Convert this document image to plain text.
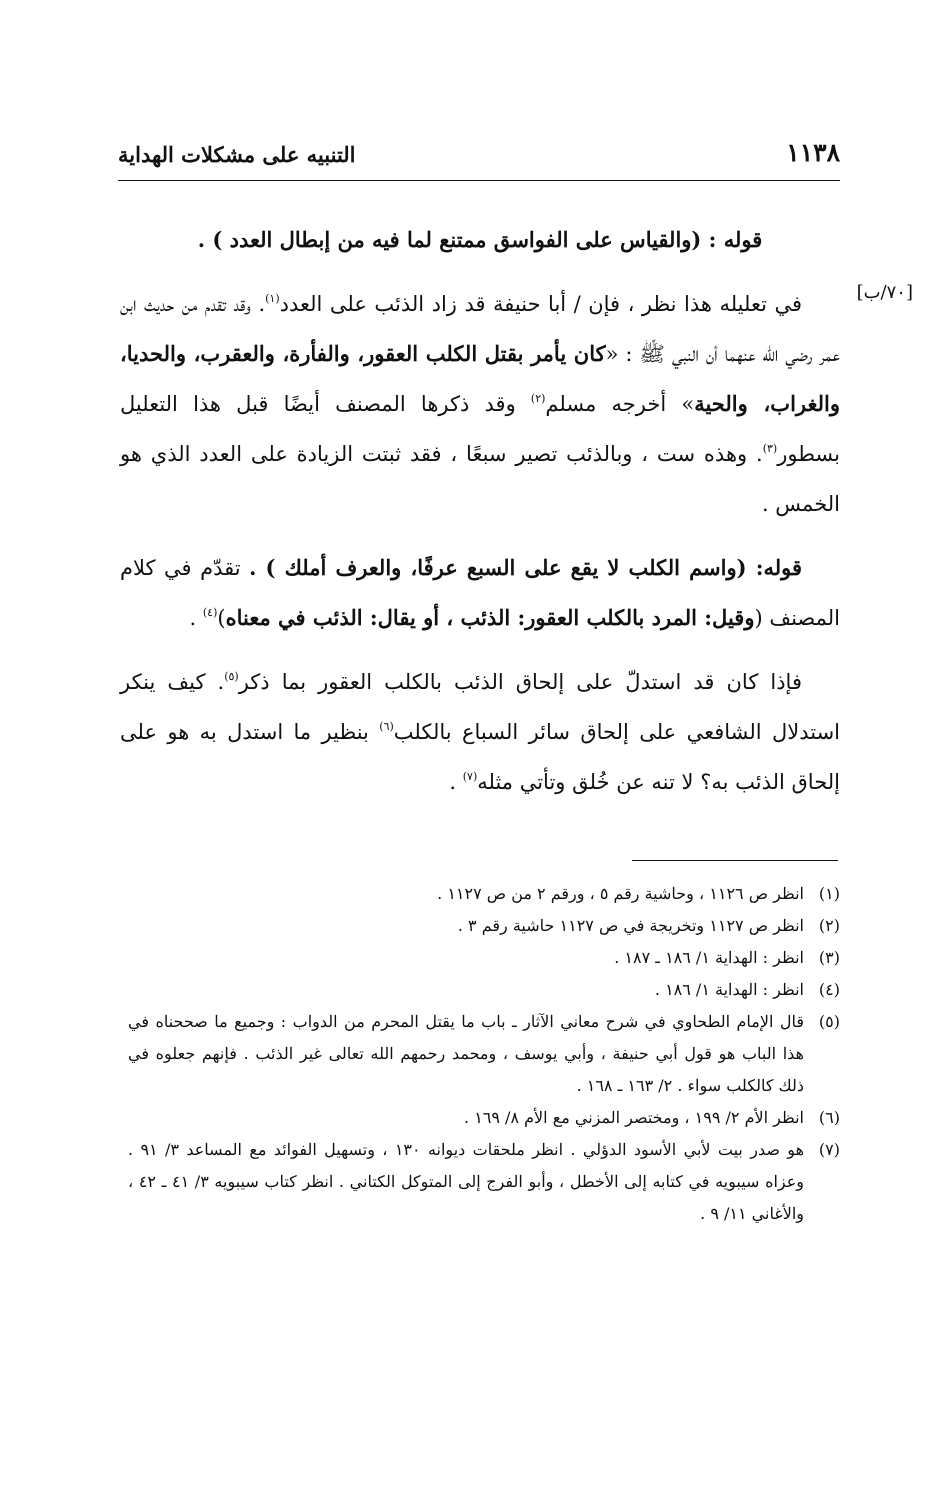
التنبيه على مشكلات الهداية	١١٣٨
[٧٠/ب]

قوله : (والقياس على الفواسق ممتنع لما فيه من إبطال العدد ) .

في تعليله هذا نظر ، فإن / أبا حنيفة قد زاد الذئب على العدد$^{(١)}$. وقد تقدم من حديث ابن عمر رضي الله عنهما أن النبي ﷺ : «كان يأمر بقتل الكلب العقور، والفأرة، والعقرب، والحديا، والغراب، والحية» أخرجه مسلم$^{(٢)}$ وقد ذكرها المصنف أيضًا قبل هذا التعليل بسطور$^{(٣)}$. وهذه ست ، وبالذئب تصير سبعًا ، فقد ثبتت الزيادة على العدد الذي هو الخمس .

قوله: (واسم الكلب لا يقع على السبع عرفًا، والعرف أملك ) . تقدّم في كلام المصنف (وقيل: المرد بالكلب العقور: الذئب ، أو يقال: الذئب في معناه)$^{(٤)}$ .

فإذا كان قد استدلّ على إلحاق الذئب بالكلب العقور بما ذكر$^{(٥)}$. كيف ينكر استدلال الشافعي على إلحاق سائر السباع بالكلب$^{(٦)}$ بنظير ما استدل به هو على إلحاق الذئب به؟ لا تنه عن خُلق وتأتي مثله$^{(٧)}$ .

(١)
انظر ص ١١٢٦ ، وحاشية رقم ٥ ، ورقم ٢ من ص ١١٢٧ .
(٢)
انظر ص ١١٢٧ وتخريجة في ص ١١٢٧ حاشية رقم ٣ .
(٣)
انظر : الهداية ١/ ١٨٦ ـ ١٨٧ .
(٤)
انظر : الهداية ١/ ١٨٦ .
(٥)
قال الإمام الطحاوي في شرح معاني الآثار ـ باب ما يقتل المحرم من الدواب : وجميع ما صححناه في هذا الباب هو قول أبي حنيفة ، وأبي يوسف ، ومحمد رحمهم الله تعالى غير الذئب . فإنهم جعلوه في ذلك كالكلب سواء . ٢/ ١٦٣ ـ ١٦٨ .
(٦)
انظر الأم ٢/ ١٩٩ ، ومختصر المزني مع الأم ٨/ ١٦٩ .
(٧)
هو صدر بيت لأبي الأسود الدؤلي . انظر ملحقات ديوانه ١٣٠ ، وتسهيل الفوائد مع المساعد ٣/ ٩١ . وعزاه سيبويه في كتابه إلى الأخطل ، وأبو الفرج إلى المتوكل الكتاني . انظر كتاب سيبويه ٣/ ٤١ ـ ٤٢ ، والأغاني ١١/ ٩ .
